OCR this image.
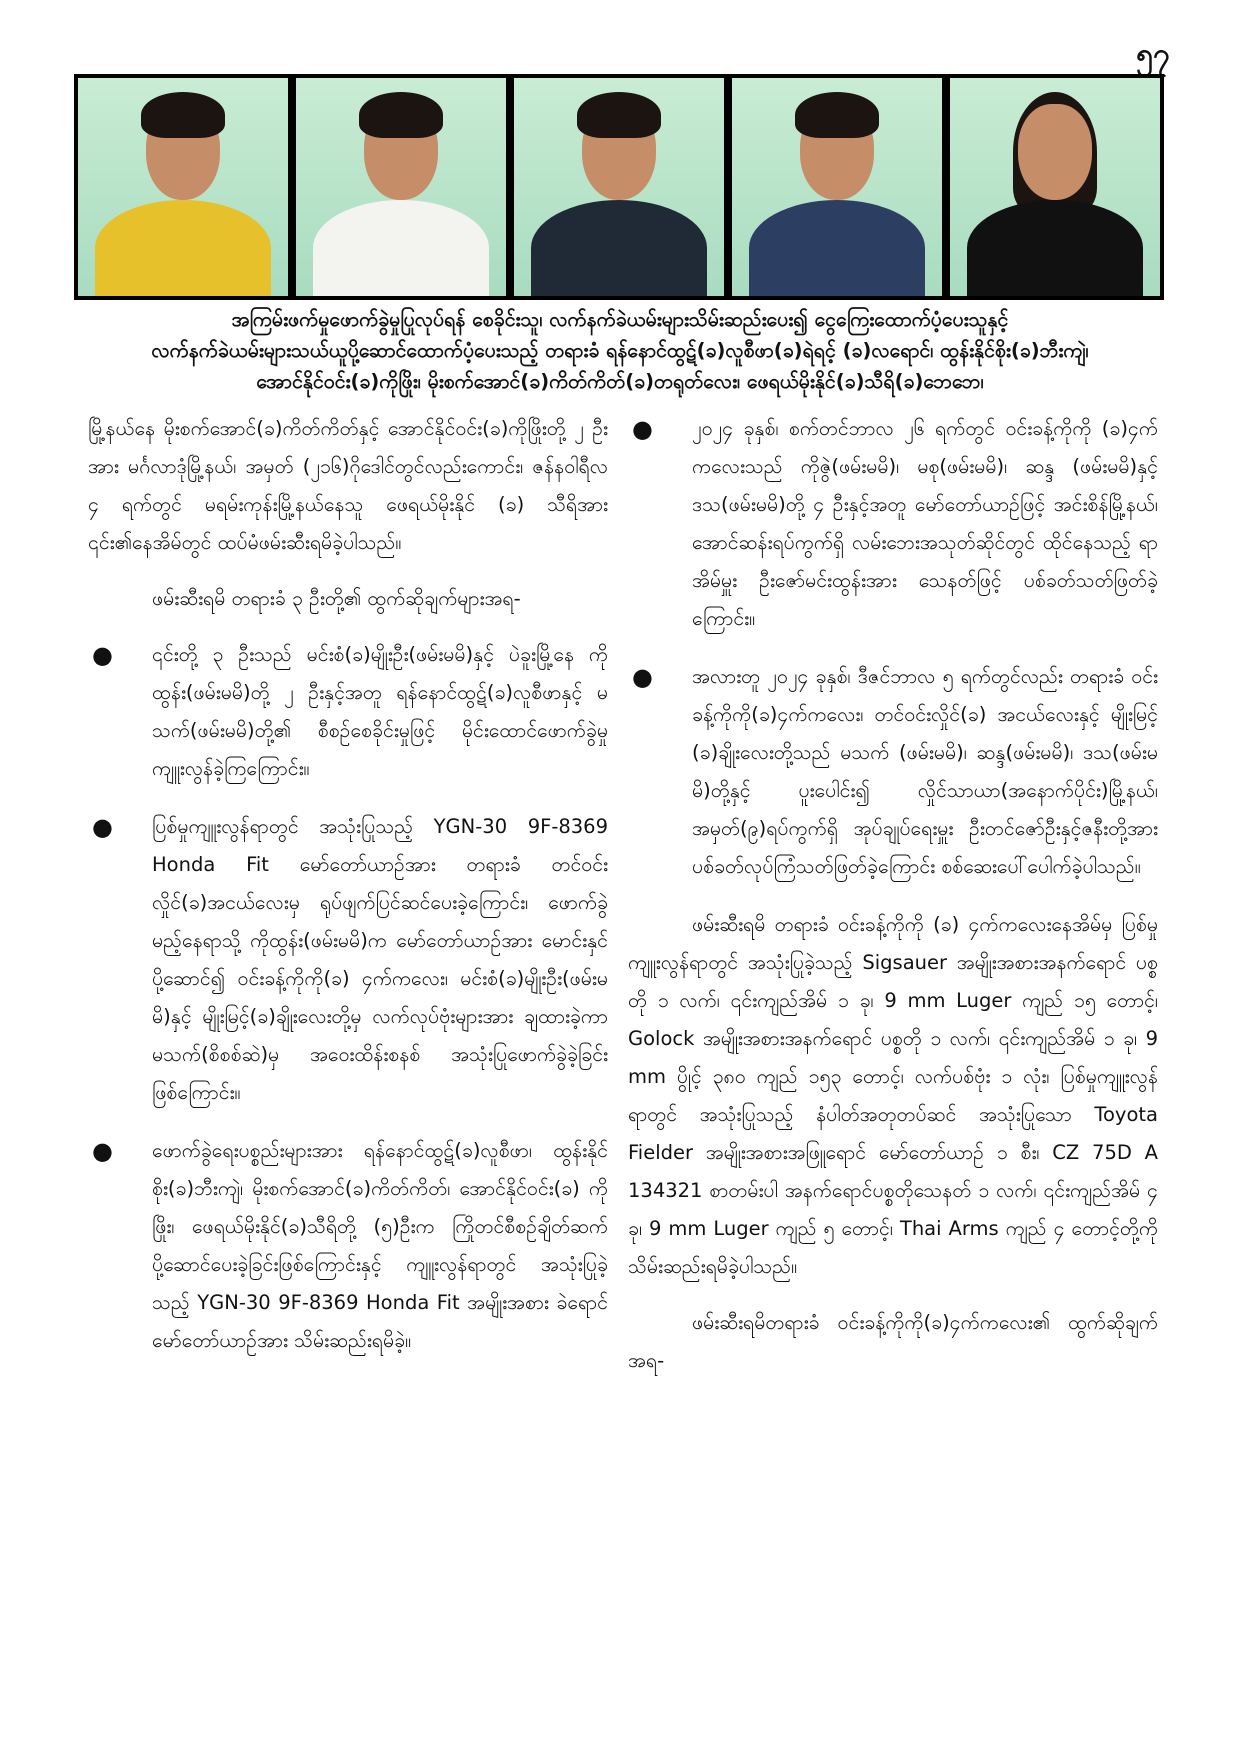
၅၇
အကြမ်းဖက်မှုဖောက်ခွဲမှုပြုလုပ်ရန် စေခိုင်းသူ၊ လက်နက်ခဲယမ်းများသိမ်းဆည်းပေး၍ ငွေကြေးထောက်ပံ့ပေးသူနှင့်
လက်နက်ခဲယမ်းများသယ်ယူပို့ဆောင်ထောက်ပံ့ပေးသည့် တရားခံ ရန်နောင်ထွဋ်(ခ)လူစီဖာ(ခ)ရဲရင့် (ခ)လရောင်၊ ထွန်းနိုင်စိုး(ခ)ဘီးကျဲ၊
အောင်နိုင်ဝင်း(ခ)ကိုဖြိုး၊ မိုးစက်အောင်(ခ)ကိတ်ကိတ်(ခ)တရုတ်လေး၊ ဖေရယ်မိုးနိုင်(ခ)သီရိ(ခ)ဘေဘေ၊

မြို့နယ်နေ မိုးစက်အောင်(ခ)ကိတ်ကိတ်နှင့် အောင်နိုင်ဝင်း(ခ)ကိုဖြိုးတို့ ၂ ဦးအား မင်္ဂလာဒုံမြို့နယ်၊ အမှတ် (၂၁၆)ဂိုဒေါင်တွင်လည်းကောင်း၊ ဇန်နဝါရီလ ၄ ရက်တွင် မရမ်းကုန်းမြို့နယ်နေသူ ဖေရယ်မိုးနိုင် (ခ) သီရိအား ၎င်း၏နေအိမ်တွင် ထပ်မံဖမ်းဆီးရမိခဲ့ပါသည်။

ဖမ်းဆီးရမိ တရားခံ ၃ ဦးတို့၏ ထွက်ဆိုချက်များအရ-

● ၎င်းတို့ ၃ ဦးသည် မင်းစံ(ခ)မျိုးဦး(ဖမ်းမမိ)နှင့် ပဲခူးမြို့နေ ကိုထွန်း(ဖမ်းမမိ)တို့ ၂ ဦးနှင့်အတူ ရန်နောင်ထွဋ်(ခ)လူစီဖာနှင့် မသက်(ဖမ်းမမိ)တို့၏ စီစဉ်စေခိုင်းမှုဖြင့် မိုင်းထောင်ဖောက်ခွဲမှုကျူးလွန်ခဲ့ကြကြောင်း။
● ပြစ်မှုကျူးလွန်ရာတွင် အသုံးပြုသည့် YGN-30 9F-8369 Honda Fit မော်တော်ယာဉ်အား တရားခံ တင်ဝင်းလှိုင်(ခ)အငယ်လေးမှ ရုပ်ဖျက်ပြင်ဆင်ပေးခဲ့ကြောင်း၊ ဖောက်ခွဲမည့်နေရာသို့ ကိုထွန်း(ဖမ်းမမိ)က မော်တော်ယာဉ်အား မောင်းနှင်ပို့ဆောင်၍ ဝင်းခန့်ကိုကို(ခ) ၄က်ကလေး၊ မင်းစံ(ခ)မျိုးဦး(ဖမ်းမမိ)နှင့် မျိုးမြင့်(ခ)ချိုးလေးတို့မှ လက်လုပ်ဗုံးများအား ချထားခဲ့ကာ မသက်(စိစစ်ဆဲ)မှ အဝေးထိန်းစနစ် အသုံးပြုဖောက်ခွဲခဲ့ခြင်းဖြစ်ကြောင်း။
● ဖောက်ခွဲရေးပစ္စည်းများအား ရန်နောင်ထွဋ်(ခ)လူစီဖာ၊ ထွန်းနိုင်စိုး(ခ)ဘီးကျဲ၊ မိုးစက်အောင်(ခ)ကိတ်ကိတ်၊ အောင်နိုင်ဝင်း(ခ) ကိုဖြိုး၊ ဖေရယ်မိုးနိုင်(ခ)သီရိတို့ (၅)ဦးက ကြိုတင်စီစဉ်ချိတ်ဆက်ပို့ဆောင်ပေးခဲ့ခြင်းဖြစ်ကြောင်းနှင့် ကျူးလွန်ရာတွင် အသုံးပြုခဲ့သည့် YGN-30 9F-8369 Honda Fit အမျိုးအစား ခဲရောင်မော်တော်ယာဉ်အား သိမ်းဆည်းရမိခဲ့။
● ၂၀၂၄ ခုနှစ်၊ စက်တင်ဘာလ ၂၆ ရက်တွင် ဝင်းခန့်ကိုကို (ခ)၄က်ကလေးသည် ကိုဇွဲ(ဖမ်းမမိ)၊ မစု(ဖမ်းမမိ)၊ ဆန္ဒ (ဖမ်းမမိ)နှင့် ဒသ(ဖမ်းမမိ)တို့ ၄ ဦးနှင့်အတူ မော်တော်ယာဉ်ဖြင့် အင်းစိန်မြို့နယ်၊ အောင်ဆန်းရပ်ကွက်ရှိ လမ်းဘေးအသုတ်ဆိုင်တွင် ထိုင်နေသည့် ရာအိမ်မှူး ဦးဇော်မင်းထွန်းအား သေနတ်ဖြင့် ပစ်ခတ်သတ်ဖြတ်ခဲ့ကြောင်း။
● အလားတူ ၂၀၂၄ ခုနှစ်၊ ဒီဇင်ဘာလ ၅ ရက်တွင်လည်း တရားခံ ဝင်းခန့်ကိုကို(ခ)၄က်ကလေး၊ တင်ဝင်းလှိုင်(ခ) အငယ်လေးနှင့် မျိုးမြင့် (ခ)ချိုးလေးတို့သည် မသက် (ဖမ်းမမိ)၊ ဆန္ဒ(ဖမ်းမမိ)၊ ဒသ(ဖမ်းမမိ)တို့နှင့် ပူးပေါင်း၍ လှိုင်သာယာ(အနောက်ပိုင်း)မြို့နယ်၊ အမှတ်(၉)ရပ်ကွက်ရှိ အုပ်ချုပ်ရေးမှူး ဦးတင်ဇော်ဦးနှင့်ဇနီးတို့အား ပစ်ခတ်လုပ်ကြံသတ်ဖြတ်ခဲ့ကြောင်း စစ်ဆေးပေါ်ပေါက်ခဲ့ပါသည်။

ဖမ်းဆီးရမိ တရားခံ ဝင်းခန့်ကိုကို (ခ) ၄က်ကလေးနေအိမ်မှ ပြစ်မှုကျူးလွန်ရာတွင် အသုံးပြုခဲ့သည့် Sigsauer အမျိုးအစားအနက်ရောင် ပစ္စတို ၁ လက်၊ ၎င်းကျည်အိမ် ၁ ခု၊ 9 mm Luger ကျည် ၁၅ တောင့်၊ Golock အမျိုးအစားအနက်ရောင် ပစ္စတို ၁ လက်၊ ၎င်းကျည်အိမ် ၁ ခု၊ 9 mm ပွိုင့် ၃၈၀ ကျည် ၁၅၃ တောင့်၊ လက်ပစ်ဗုံး ၁ လုံး၊ ပြစ်မှုကျူးလွန်ရာတွင် အသုံးပြုသည့် နံပါတ်အတုတပ်ဆင် အသုံးပြုသော Toyota Fielder အမျိုးအစားအဖြူရောင် မော်တော်ယာဉ် ၁ စီး၊ CZ 75D A 134321 စာတမ်းပါ အနက်ရောင်ပစ္စတိုသေနတ် ၁ လက်၊ ၎င်းကျည်အိမ် ၄ ခု၊ 9 mm Luger ကျည် ၅ တောင့်၊ Thai Arms ကျည် ၄ တောင့်တို့ကို သိမ်းဆည်းရမိခဲ့ပါသည်။

ဖမ်းဆီးရမိတရားခံ ဝင်းခန့်ကိုကို(ခ)၄က်ကလေး၏ ထွက်ဆိုချက်အရ-
